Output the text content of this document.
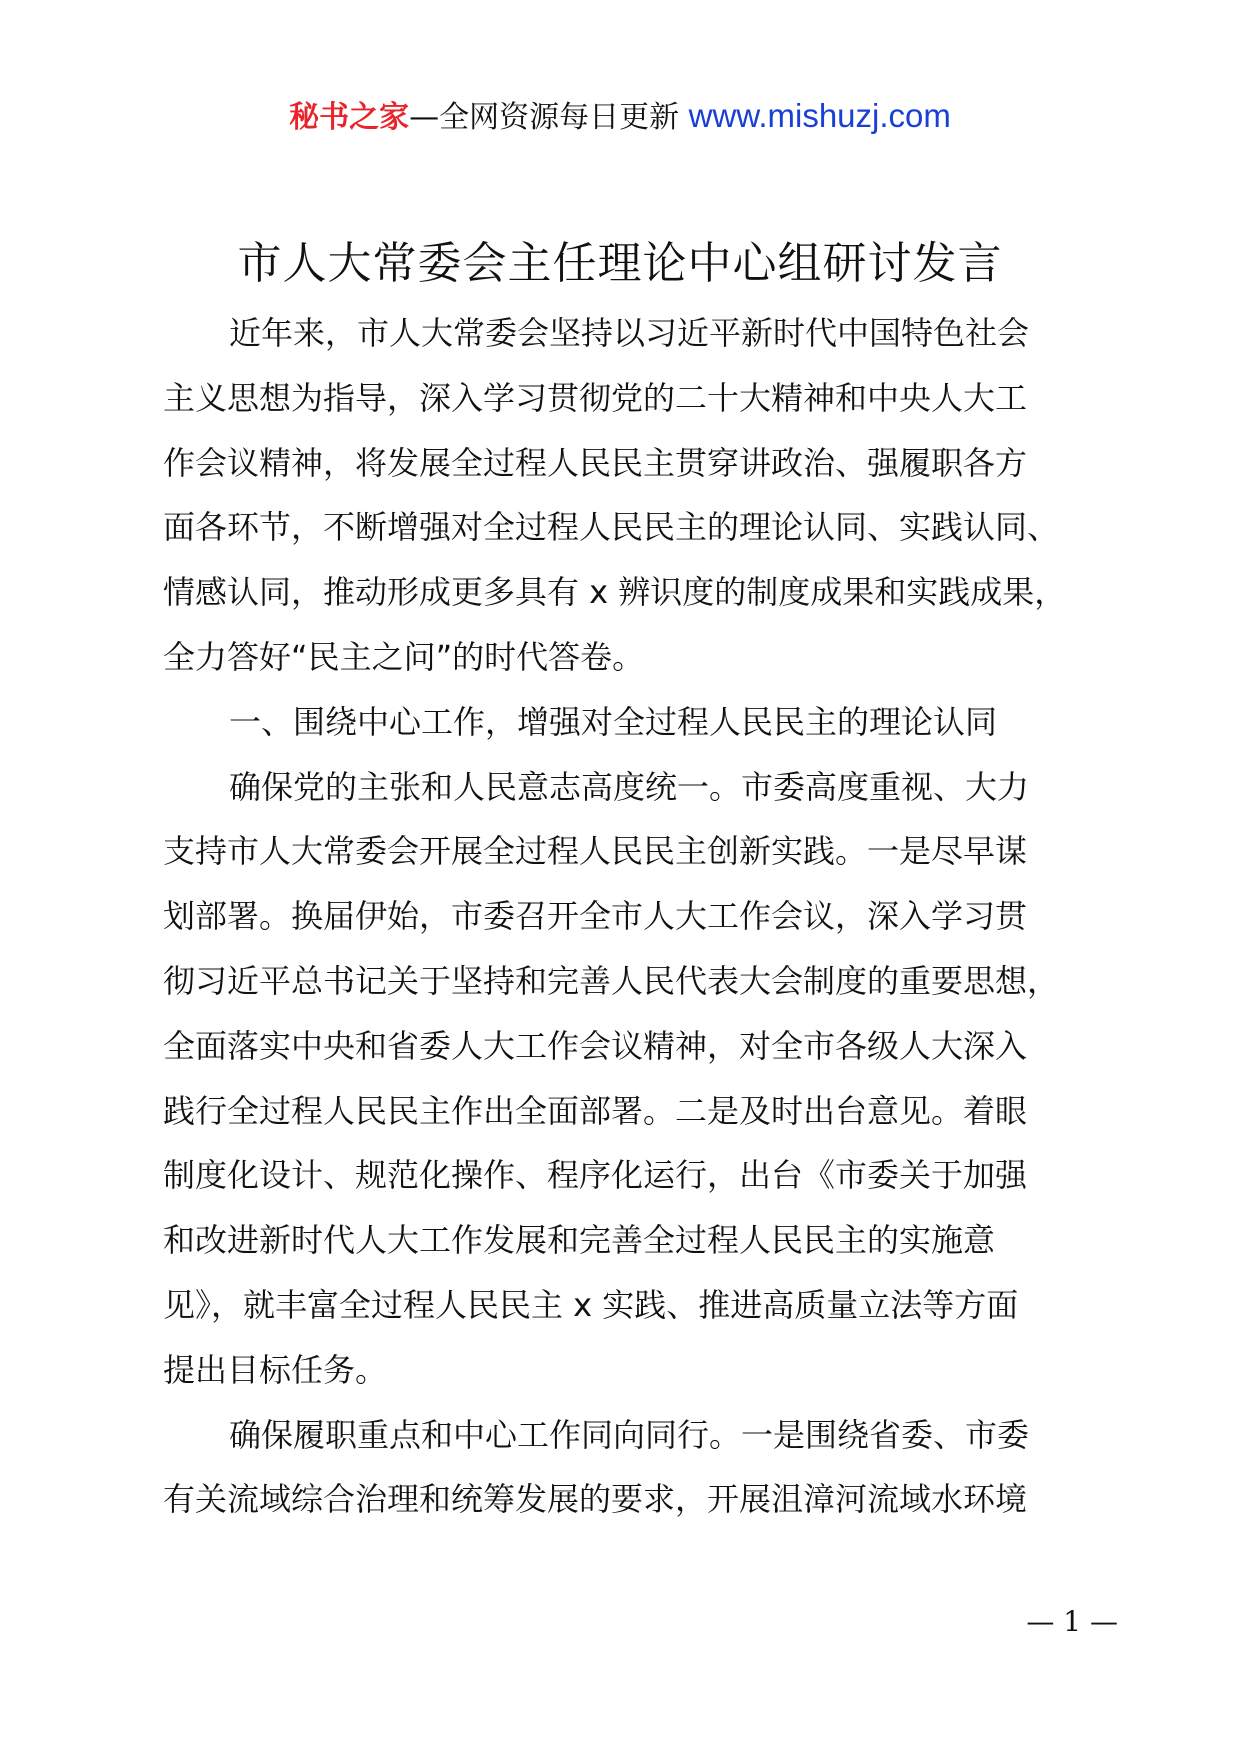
秘书之家—全网资源每日更新 www.mishuzj.com
市人大常委会主任理论中心组研讨发言
近年来，市人大常委会坚持以习近平新时代中国特色社会
主义思想为指导，深入学习贯彻党的二十大精神和中央人大工
作会议精神，将发展全过程人民民主贯穿讲政治、强履职各方
面各环节，不断增强对全过程人民民主的理论认同、实践认同、
情感认同，推动形成更多具有 x 辨识度的制度成果和实践成果，
全力答好“民主之问”的时代答卷。
一、围绕中心工作，增强对全过程人民民主的理论认同
确保党的主张和人民意志高度统一。市委高度重视、大力
支持市人大常委会开展全过程人民民主创新实践。一是尽早谋
划部署。换届伊始，市委召开全市人大工作会议，深入学习贯
彻习近平总书记关于坚持和完善人民代表大会制度的重要思想，
全面落实中央和省委人大工作会议精神，对全市各级人大深入
践行全过程人民民主作出全面部署。二是及时出台意见。着眼
制度化设计、规范化操作、程序化运行，出台《市委关于加强
和改进新时代人大工作发展和完善全过程人民民主的实施意
见》，就丰富全过程人民民主 x 实践、推进高质量立法等方面
提出目标任务。
确保履职重点和中心工作同向同行。一是围绕省委、市委
有关流域综合治理和统筹发展的要求，开展沮漳河流域水环境
— 1 —
